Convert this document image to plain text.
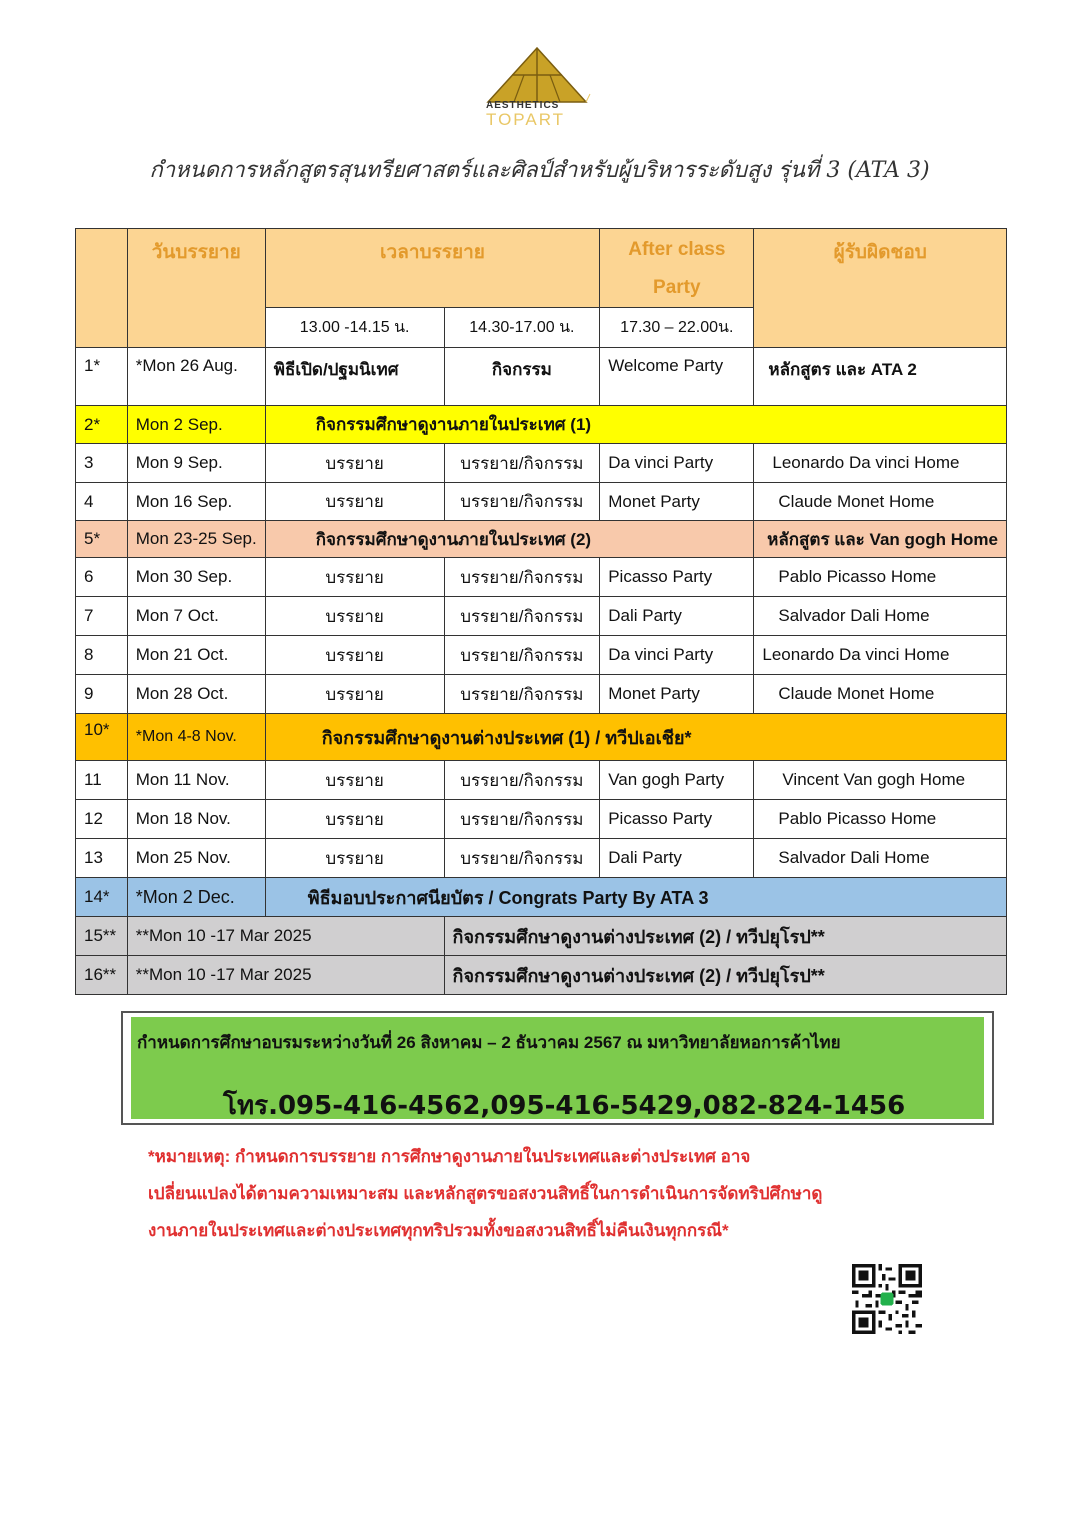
AESTHETICS
TOPART
กำหนดการหลักสูตรสุนทรียศาสตร์และศิลป์สำหรับผู้บริหารระดับสูง รุ่นที่ 3 (ATA 3)
	วันบรรยาย	เวลาบรรยาย		After class Party	ผู้รับผิดชอบ
		13.00 -14.15 น.	14.30-17.00 น.	17.30 – 22.00น.	
1*	*Mon 26 Aug.	พิธีเปิด/ปฐมนิเทศ	กิจกรรม	Welcome Party	หลักสูตร และ ATA 2
2*	Mon 2 Sep.	กิจกรรมศึกษาดูงานภายในประเทศ (1)			
3	Mon 9 Sep.	บรรยาย	บรรยาย/กิจกรรม	Da vinci Party	Leonardo Da vinci Home
4	Mon 16 Sep.	บรรยาย	บรรยาย/กิจกรรม	Monet Party	Claude Monet Home
5*	Mon 23-25 Sep.	กิจกรรมศึกษาดูงานภายในประเทศ (2)			หลักสูตร และ Van gogh Home
6	Mon 30 Sep.	บรรยาย	บรรยาย/กิจกรรม	Picasso Party	Pablo Picasso Home
7	Mon 7 Oct.	บรรยาย	บรรยาย/กิจกรรม	Dali Party	Salvador Dali Home
8	Mon 21 Oct.	บรรยาย	บรรยาย/กิจกรรม	Da vinci Party	Leonardo Da vinci Home
9	Mon 28 Oct.	บรรยาย	บรรยาย/กิจกรรม	Monet Party	Claude Monet Home
10*	*Mon 4-8 Nov.	กิจกรรมศึกษาดูงานต่างประเทศ (1) / ทวีปเอเชีย*			
11	Mon 11 Nov.	บรรยาย	บรรยาย/กิจกรรม	Van gogh Party	Vincent Van gogh Home
12	Mon 18 Nov.	บรรยาย	บรรยาย/กิจกรรม	Picasso Party	Pablo Picasso Home
13	Mon 25 Nov.	บรรยาย	บรรยาย/กิจกรรม	Dali Party	Salvador Dali Home
14*	*Mon 2 Dec.	พิธีมอบประกาศนียบัตร / Congrats Party By ATA 3			
15**	**Mon 10 -17 Mar 2025		กิจกรรมศึกษาดูงานต่างประเทศ (2) / ทวีปยุโรป**		
16**	**Mon 10 -17 Mar 2025		กิจกรรมศึกษาดูงานต่างประเทศ (2) / ทวีปยุโรป**		
กำหนดการศึกษาอบรมระหว่างวันที่ 26 สิงหาคม – 2 ธันวาคม 2567 ณ มหาวิทยาลัยหอการค้าไทย
โทร.095-416-4562,095-416-5429,082-824-1456
*หมายเหตุ: กำหนดการบรรยาย การศึกษาดูงานภายในประเทศและต่างประเทศ อาจ
เปลี่ยนแปลงได้ตามความเหมาะสม และหลักสูตรขอสงวนสิทธิ์ในการดำเนินการจัดทริปศึกษาดู
งานภายในประเทศและต่างประเทศทุกทริปรวมทั้งขอสงวนสิทธิ์ไม่คืนเงินทุกกรณี*
